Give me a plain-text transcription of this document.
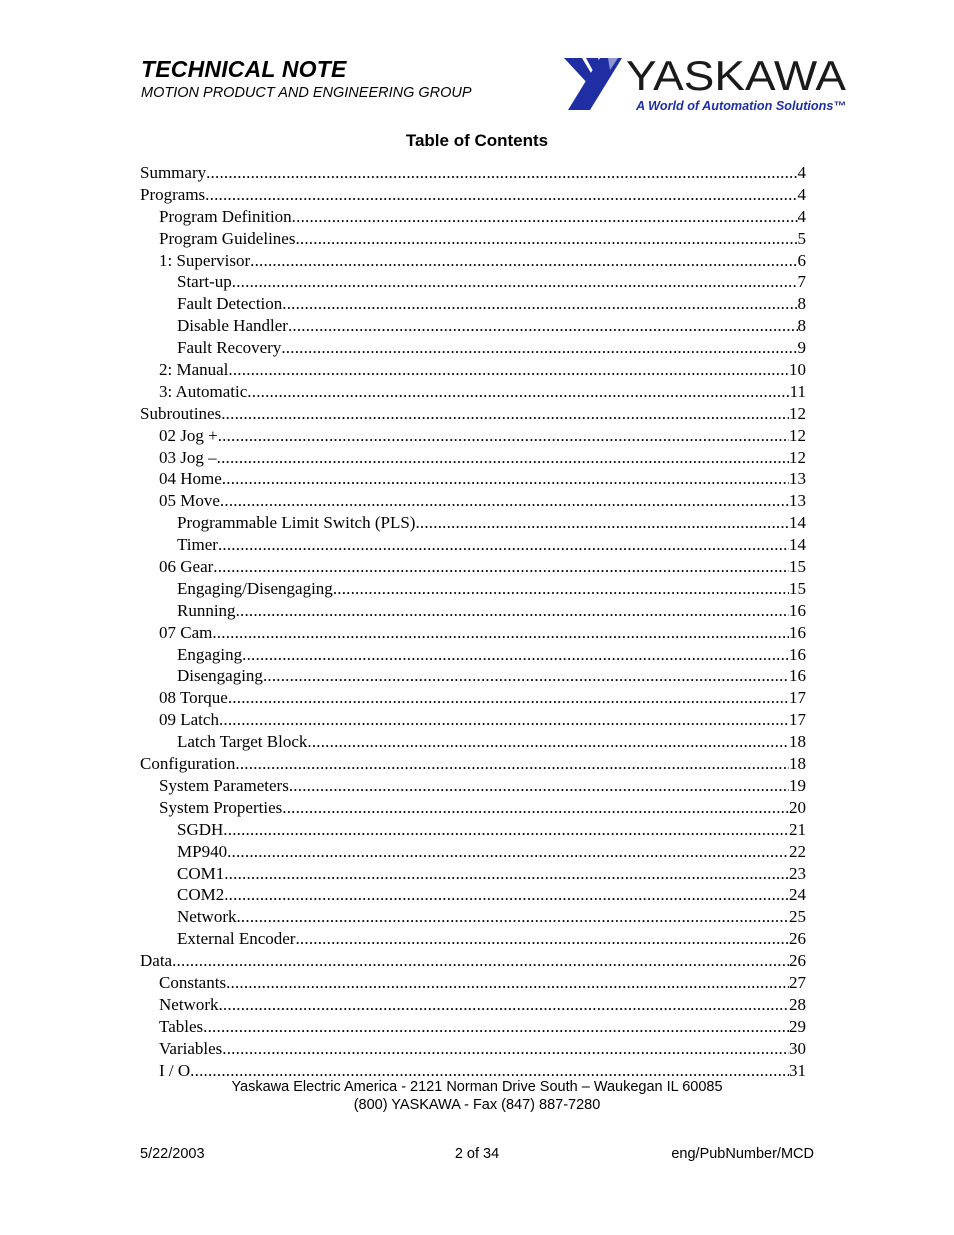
TECHNICAL NOTE
MOTION PRODUCT AND ENGINEERING GROUP	YASKAWA
A World of Automation Solutions™
Table of Contents
Summary .....	4
Programs .....	4
Program Definition .....	4
Program Guidelines .....	5
1: Supervisor .....	6
Start-up .....	7
Fault Detection .....	8
Disable Handler .....	8
Fault Recovery .....	9
2: Manual .....	10
3: Automatic .....	11
Subroutines .....	12
02 Jog + .....	12
03 Jog – .....	12
04 Home .....	13
05 Move .....	13
Programmable Limit Switch (PLS) .....	14
Timer .....	14
06 Gear .....	15
Engaging/Disengaging .....	15
Running .....	16
07 Cam .....	16
Engaging .....	16
Disengaging .....	16
08 Torque .....	17
09 Latch .....	17
Latch Target Block .....	18
Configuration .....	18
System Parameters .....	19
System Properties .....	20
SGDH .....	21
MP940 .....	22
COM1 .....	23
COM2 .....	24
Network .....	25
External Encoder .....	26
Data .....	26
Constants .....	27
Network .....	28
Tables .....	29
Variables .....	30
I / O .....	31
Yaskawa Electric America - 2121 Norman Drive South – Waukegan IL 60085
(800) YASKAWA - Fax (847) 887-7280
5/22/2003	2 of 34	eng/PubNumber/MCD
